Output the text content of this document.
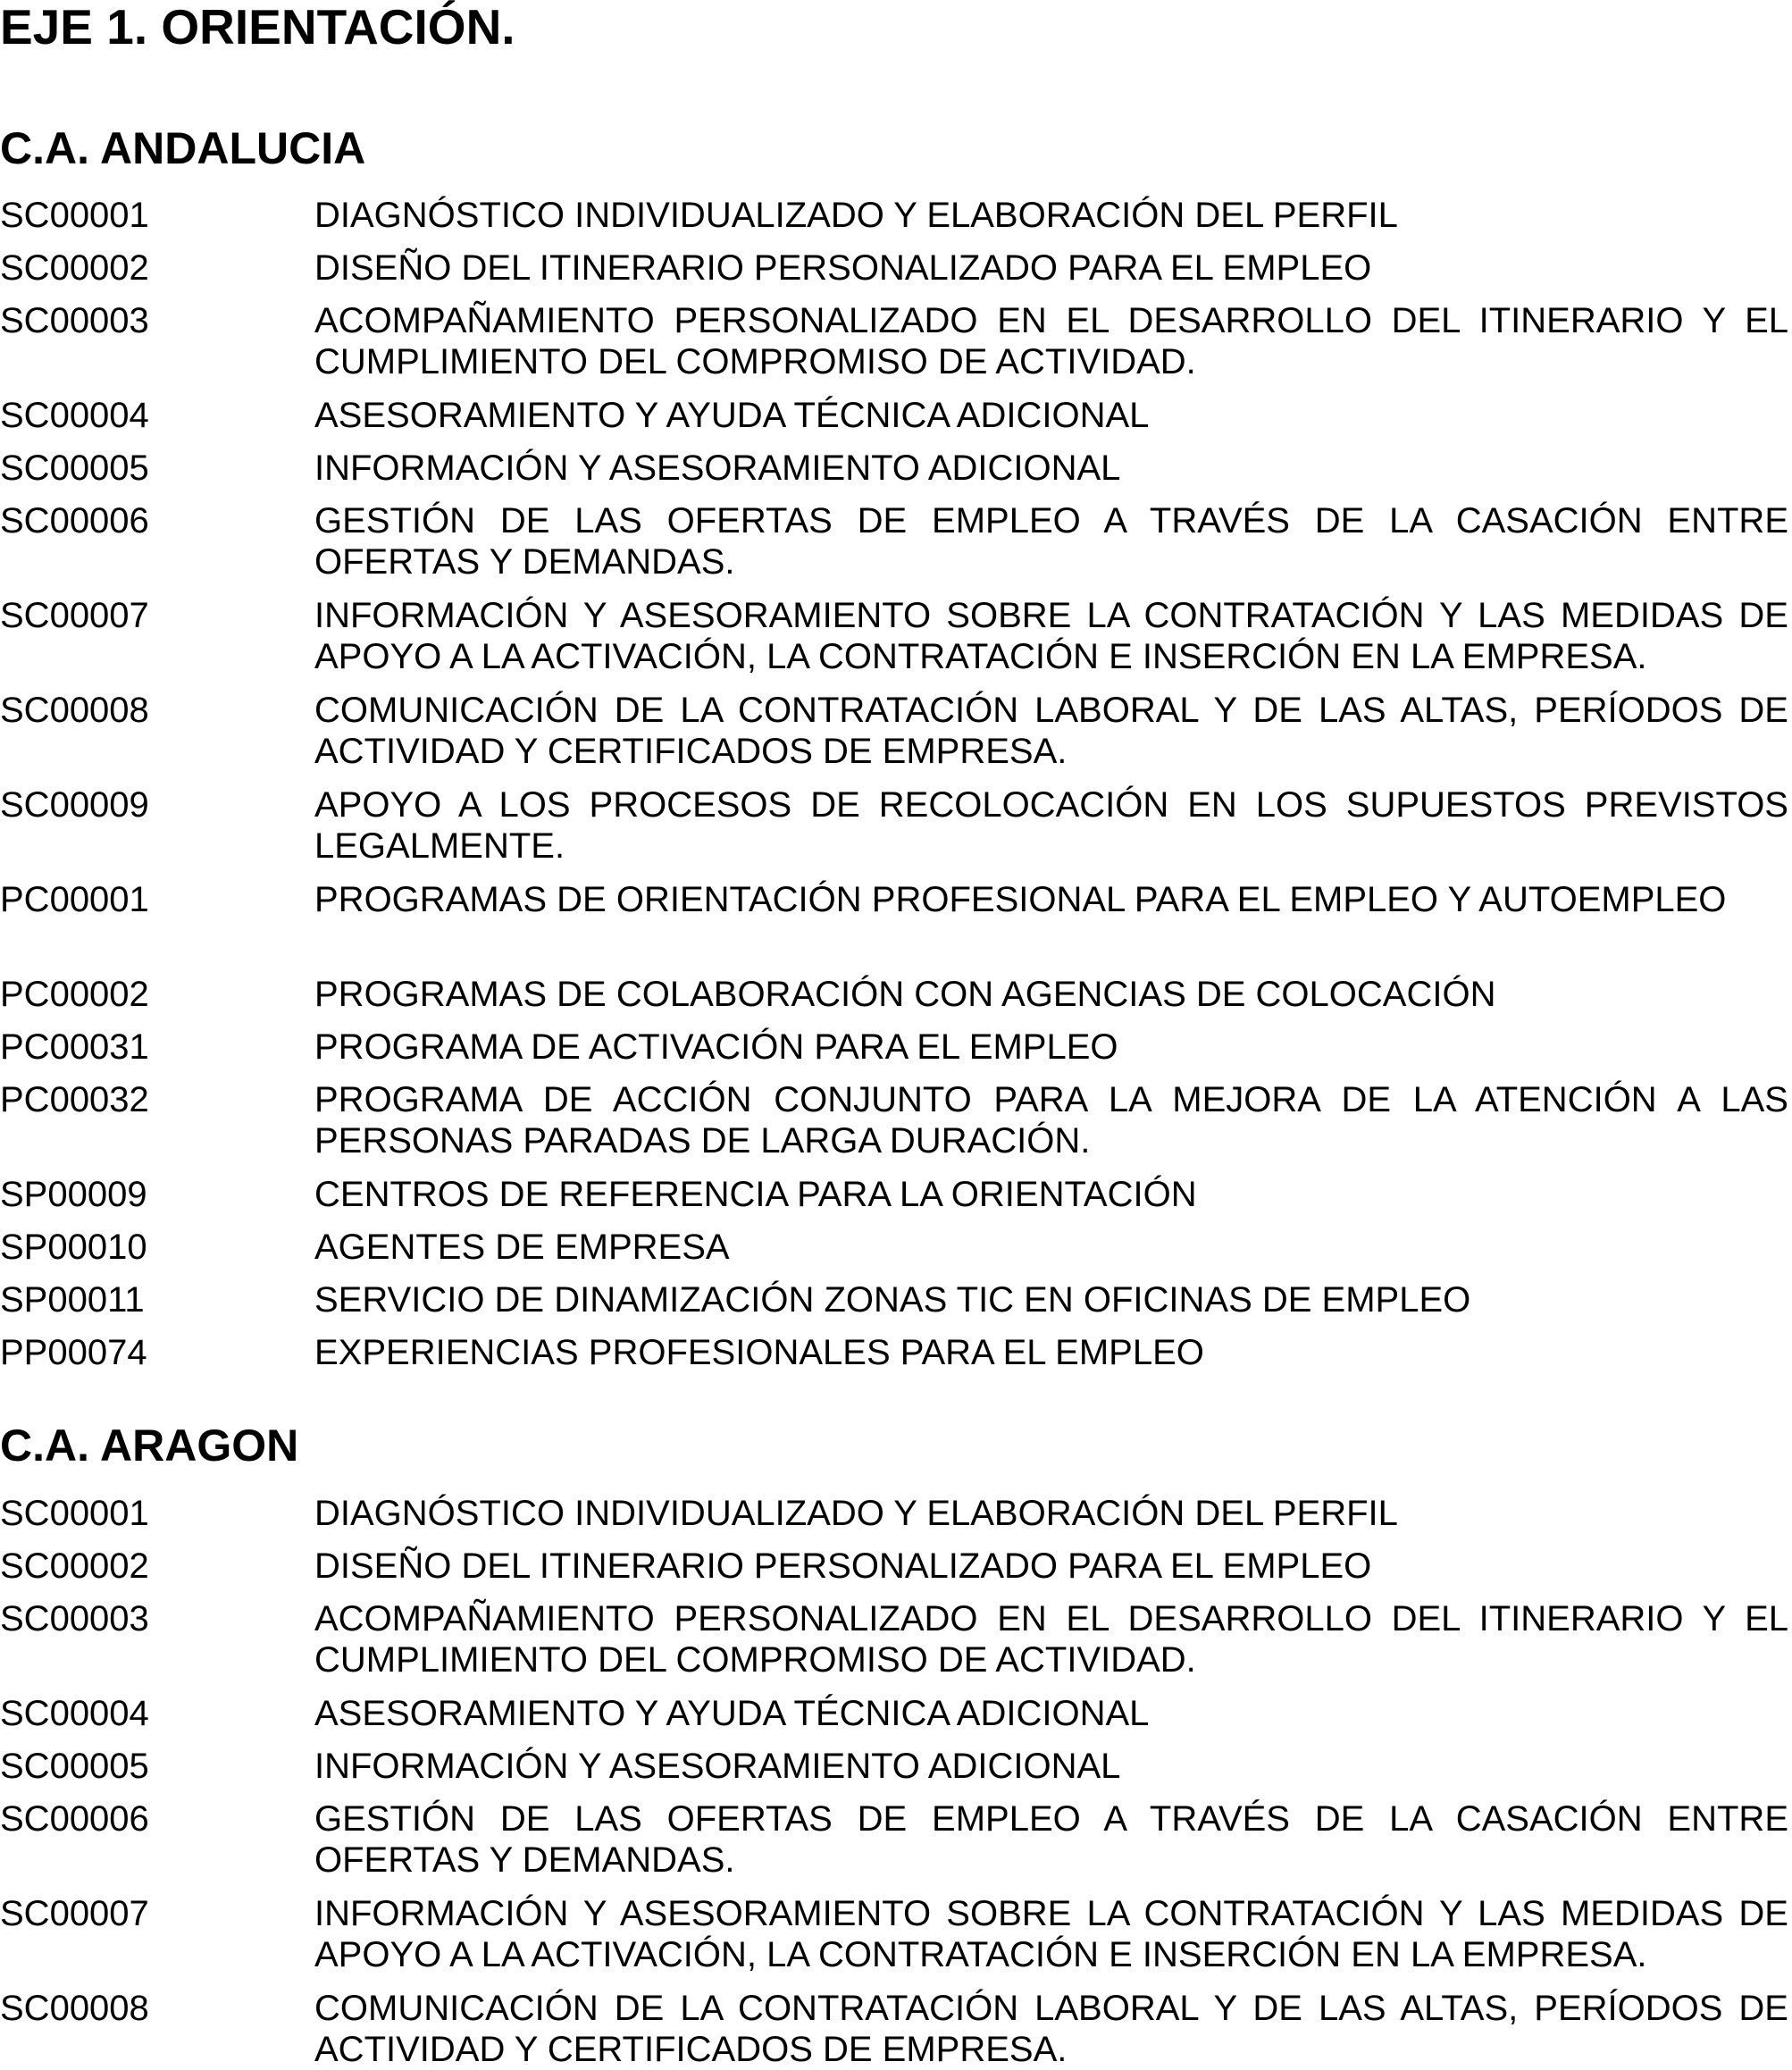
EJE 1. ORIENTACIÓN.
C.A. ANDALUCIA
SC00001	DIAGNÓSTICO INDIVIDUALIZADO Y ELABORACIÓN DEL PERFIL
SC00002	DISEÑO DEL ITINERARIO PERSONALIZADO PARA EL EMPLEO
SC00003	ACOMPAÑAMIENTO PERSONALIZADO EN EL DESARROLLO DEL ITINERARIO Y EL CUMPLIMIENTO DEL COMPROMISO DE ACTIVIDAD.
SC00004	ASESORAMIENTO Y AYUDA TÉCNICA ADICIONAL
SC00005	INFORMACIÓN Y ASESORAMIENTO ADICIONAL
SC00006	GESTIÓN DE LAS OFERTAS DE EMPLEO A TRAVÉS DE LA CASACIÓN ENTRE OFERTAS Y DEMANDAS.
SC00007	INFORMACIÓN Y ASESORAMIENTO SOBRE LA CONTRATACIÓN Y LAS MEDIDAS DE APOYO A LA ACTIVACIÓN, LA CONTRATACIÓN E INSERCIÓN EN LA EMPRESA.
SC00008	COMUNICACIÓN DE LA CONTRATACIÓN LABORAL Y DE LAS ALTAS, PERÍODOS DE ACTIVIDAD Y CERTIFICADOS DE EMPRESA.
SC00009	APOYO A LOS PROCESOS DE RECOLOCACIÓN EN LOS SUPUESTOS PREVISTOS LEGALMENTE.
PC00001	PROGRAMAS DE ORIENTACIÓN PROFESIONAL PARA EL EMPLEO Y AUTOEMPLEO
PC00002	PROGRAMAS DE COLABORACIÓN CON AGENCIAS DE COLOCACIÓN
PC00031	PROGRAMA DE ACTIVACIÓN PARA EL EMPLEO
PC00032	PROGRAMA DE ACCIÓN CONJUNTO PARA LA MEJORA DE LA ATENCIÓN A LAS PERSONAS PARADAS DE LARGA DURACIÓN.
SP00009	CENTROS DE REFERENCIA PARA LA ORIENTACIÓN
SP00010	AGENTES DE EMPRESA
SP00011	SERVICIO DE DINAMIZACIÓN ZONAS TIC EN OFICINAS DE EMPLEO
PP00074	EXPERIENCIAS PROFESIONALES PARA EL EMPLEO
C.A. ARAGON
SC00001	DIAGNÓSTICO INDIVIDUALIZADO Y ELABORACIÓN DEL PERFIL
SC00002	DISEÑO DEL ITINERARIO PERSONALIZADO PARA EL EMPLEO
SC00003	ACOMPAÑAMIENTO PERSONALIZADO EN EL DESARROLLO DEL ITINERARIO Y EL CUMPLIMIENTO DEL COMPROMISO DE ACTIVIDAD.
SC00004	ASESORAMIENTO Y AYUDA TÉCNICA ADICIONAL
SC00005	INFORMACIÓN Y ASESORAMIENTO ADICIONAL
SC00006	GESTIÓN DE LAS OFERTAS DE EMPLEO A TRAVÉS DE LA CASACIÓN ENTRE OFERTAS Y DEMANDAS.
SC00007	INFORMACIÓN Y ASESORAMIENTO SOBRE LA CONTRATACIÓN Y LAS MEDIDAS DE APOYO A LA ACTIVACIÓN, LA CONTRATACIÓN E INSERCIÓN EN LA EMPRESA.
SC00008	COMUNICACIÓN DE LA CONTRATACIÓN LABORAL Y DE LAS ALTAS, PERÍODOS DE ACTIVIDAD Y CERTIFICADOS DE EMPRESA.
